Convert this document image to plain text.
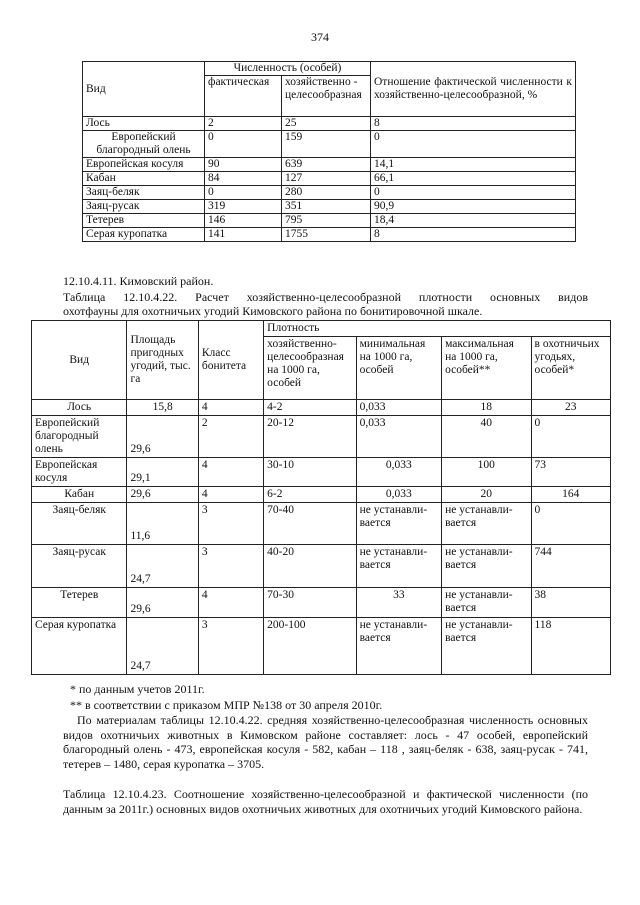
374
Вид	Численность (особей)		Отношение фактической численности к хозяйственно-целесообразной, %
	фактическая	хозяйственно - целесообразная	
Лось	2	25	8
Европейский благородный олень	0	159	0
Европейская косуля	90	639	14,1
Кабан	84	127	66,1
Заяц-беляк	0	280	0
Заяц-русак	319	351	90,9
Тетерев	146	795	18,4
Серая куропатка	141	1755	8

12.10.4.11. Кимовский район.

Таблица 12.10.4.22. Расчет хозяйственно-целесообразной плотности основных видов

охотфауны для охотничьих угодий Кимовского района по бонитировочной шкале.

Вид	Площадь пригодных угодий, тыс. га	Класс бонитета	Плотность			
			хозяйственно-целесообразная на 1000 га, особей	минимальная на 1000 га, особей	максимальная на 1000 га, особей**	в охотничьих угодьях, особей*
Лось	15,8	4	4-2	0,033	18	23
Европейский благородный олень	29,6	2	20-12	0,033	40	0
Европейская косуля	29,1	4	30-10	0,033	100	73
Кабан	29,6	4	6-2	0,033	20	164
Заяц-беляк	11,6	3	70-40	не устанавли-вается	не устанавли-вается	0
Заяц-русак	24,7	3	40-20	не устанавли-вается	не устанавли-вается	744
Тетерев	29,6	4	70-30	33	не устанавли-вается	38
Серая куропатка	24,7	3	200-100	не устанавли-вается	не устанавли-вается	118

* по данным учетов 2011г.

** в соответствии с приказом МПР №138 от 30 апреля 2010г.

По материалам таблицы 12.10.4.22. средняя хозяйственно-целесообразная численность основных видов охотничьих животных в Кимовском районе составляет: лось - 47 особей, европейский благородный олень - 473, европейская косуля - 582, кабан – 118 , заяц-беляк - 638, заяц-русак - 741, тетерев – 1480, серая куропатка – 3705.

Таблица 12.10.4.23. Соотношение хозяйственно-целесообразной и фактической численности (по данным за 2011г.) основных видов охотничьих животных для охотничьих угодий Кимовского района.
